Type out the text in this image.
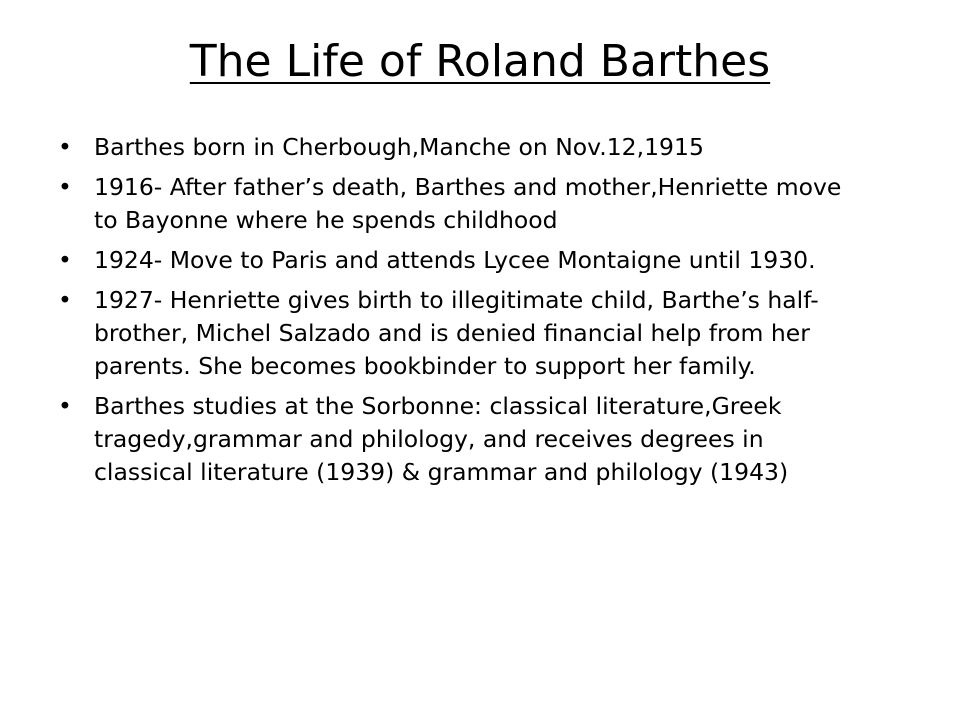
The Life of Roland Barthes
• Barthes born in Cherbough,Manche on Nov.12,1915
• 1916- After father’s death, Barthes and mother,Henriette move to Bayonne where he spends childhood
• 1924- Move to Paris and attends Lycee Montaigne until 1930.
• 1927- Henriette gives birth to illegitimate child, Barthe’s half-brother, Michel Salzado and is denied financial help from her parents. She becomes bookbinder to support her family.
• Barthes studies at the Sorbonne: classical literature,Greek tragedy,grammar and philology, and receives degrees in classical literature (1939) & grammar and philology (1943)
